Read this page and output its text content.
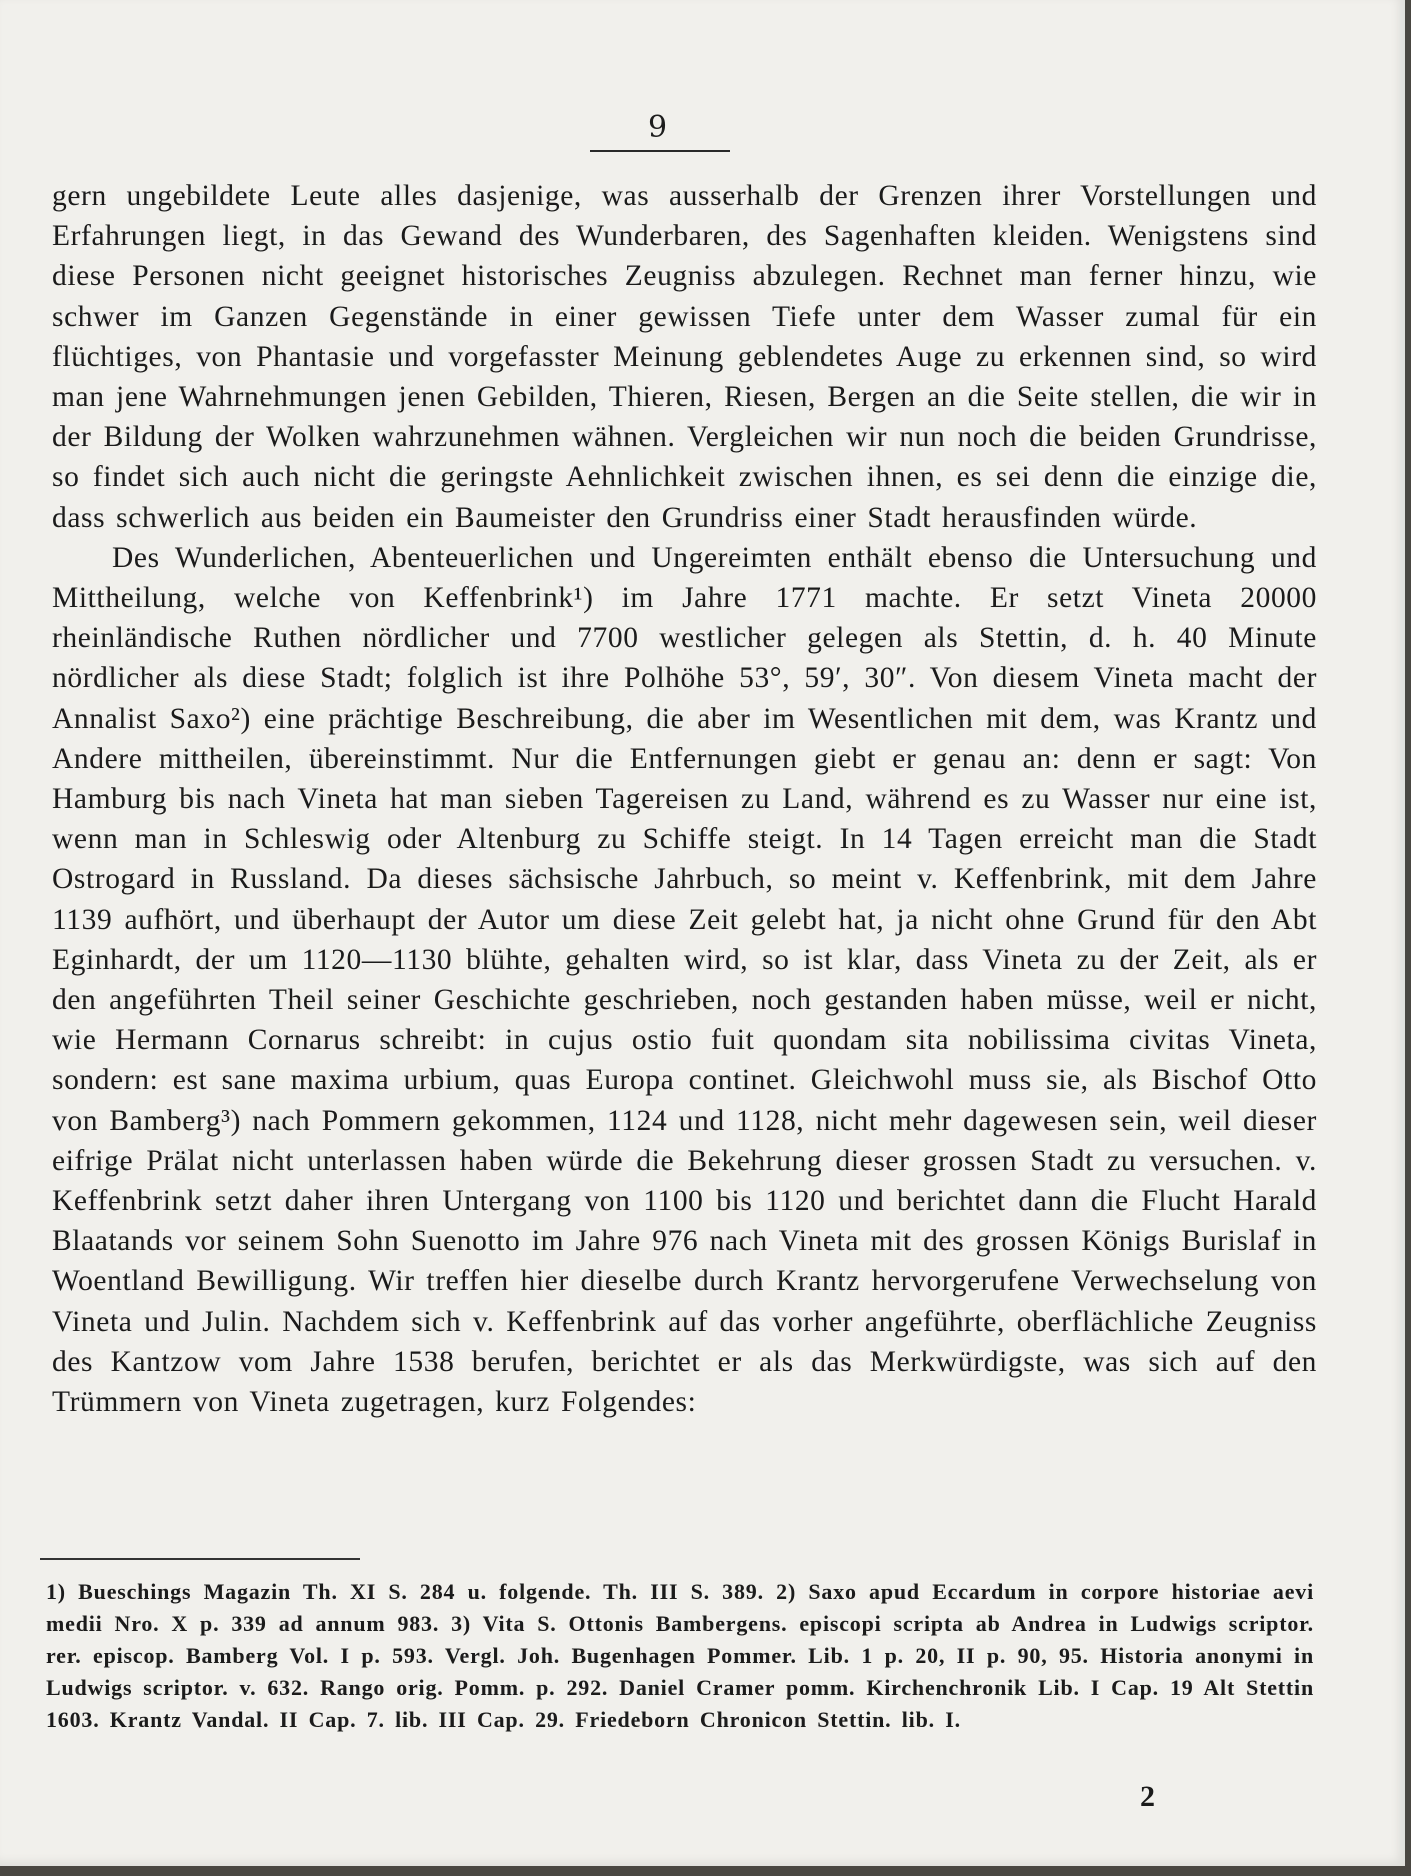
9

gern ungebildete Leute alles dasjenige, was ausserhalb der Grenzen ihrer Vorstellungen und Erfahrungen liegt, in das Gewand des Wunderbaren, des Sagenhaften kleiden. Wenigstens sind diese Personen nicht geeignet historisches Zeugniss abzulegen. Rechnet man ferner hinzu, wie schwer im Ganzen Gegenstände in einer gewissen Tiefe unter dem Wasser zumal für ein flüchtiges, von Phantasie und vorgefasster Meinung geblendetes Auge zu erkennen sind, so wird man jene Wahrnehmungen jenen Gebilden, Thieren, Riesen, Bergen an die Seite stellen, die wir in der Bildung der Wolken wahrzunehmen wähnen. Vergleichen wir nun noch die beiden Grundrisse, so findet sich auch nicht die geringste Aehnlichkeit zwischen ihnen, es sei denn die einzige die, dass schwerlich aus beiden ein Baumeister den Grundriss einer Stadt herausfinden würde.

Des Wunderlichen, Abenteuerlichen und Ungereimten enthält ebenso die Untersuchung und Mittheilung, welche von Keffenbrink¹) im Jahre 1771 machte. Er setzt Vineta 20000 rheinländische Ruthen nördlicher und 7700 westlicher gelegen als Stettin, d. h. 40 Minute nördlicher als diese Stadt; folglich ist ihre Polhöhe 53°, 59′, 30″. Von diesem Vineta macht der Annalist Saxo²) eine prächtige Beschreibung, die aber im Wesentlichen mit dem, was Krantz und Andere mittheilen, übereinstimmt. Nur die Entfernungen giebt er genau an: denn er sagt: Von Hamburg bis nach Vineta hat man sieben Tagereisen zu Land, während es zu Wasser nur eine ist, wenn man in Schleswig oder Altenburg zu Schiffe steigt. In 14 Tagen erreicht man die Stadt Ostrogard in Russland. Da dieses sächsische Jahrbuch, so meint v. Keffenbrink, mit dem Jahre 1139 aufhört, und überhaupt der Autor um diese Zeit gelebt hat, ja nicht ohne Grund für den Abt Eginhardt, der um 1120—1130 blühte, gehalten wird, so ist klar, dass Vineta zu der Zeit, als er den angeführten Theil seiner Geschichte geschrieben, noch gestanden haben müsse, weil er nicht, wie Hermann Cornarus schreibt: in cujus ostio fuit quondam sita nobilissima civitas Vineta, sondern: est sane maxima urbium, quas Europa continet. Gleichwohl muss sie, als Bischof Otto von Bamberg³) nach Pommern gekommen, 1124 und 1128, nicht mehr dagewesen sein, weil dieser eifrige Prälat nicht unterlassen haben würde die Bekehrung dieser grossen Stadt zu versuchen. v. Keffenbrink setzt daher ihren Untergang von 1100 bis 1120 und berichtet dann die Flucht Harald Blaatands vor seinem Sohn Suenotto im Jahre 976 nach Vineta mit des grossen Königs Burislaf in Woentland Bewilligung. Wir treffen hier dieselbe durch Krantz hervorgerufene Verwechselung von Vineta und Julin. Nachdem sich v. Keffenbrink auf das vorher angeführte, oberflächliche Zeugniss des Kantzow vom Jahre 1538 berufen, berichtet er als das Merkwürdigste, was sich auf den Trümmern von Vineta zugetragen, kurz Folgendes:

1) Bueschings Magazin Th. XI S. 284 u. folgende. Th. III S. 389. 2) Saxo apud Eccardum in corpore historiae aevi medii Nro. X p. 339 ad annum 983. 3) Vita S. Ottonis Bambergens. episcopi scripta ab Andrea in Ludwigs scriptor. rer. episcop. Bamberg Vol. I p. 593. Vergl. Joh. Bugenhagen Pommer. Lib. 1 p. 20, II p. 90, 95. Historia anonymi in Ludwigs scriptor. v. 632. Rango orig. Pomm. p. 292. Daniel Cramer pomm. Kirchenchronik Lib. I Cap. 19 Alt Stettin 1603. Krantz Vandal. II Cap. 7. lib. III Cap. 29. Friedeborn Chronicon Stettin. lib. I.
2
